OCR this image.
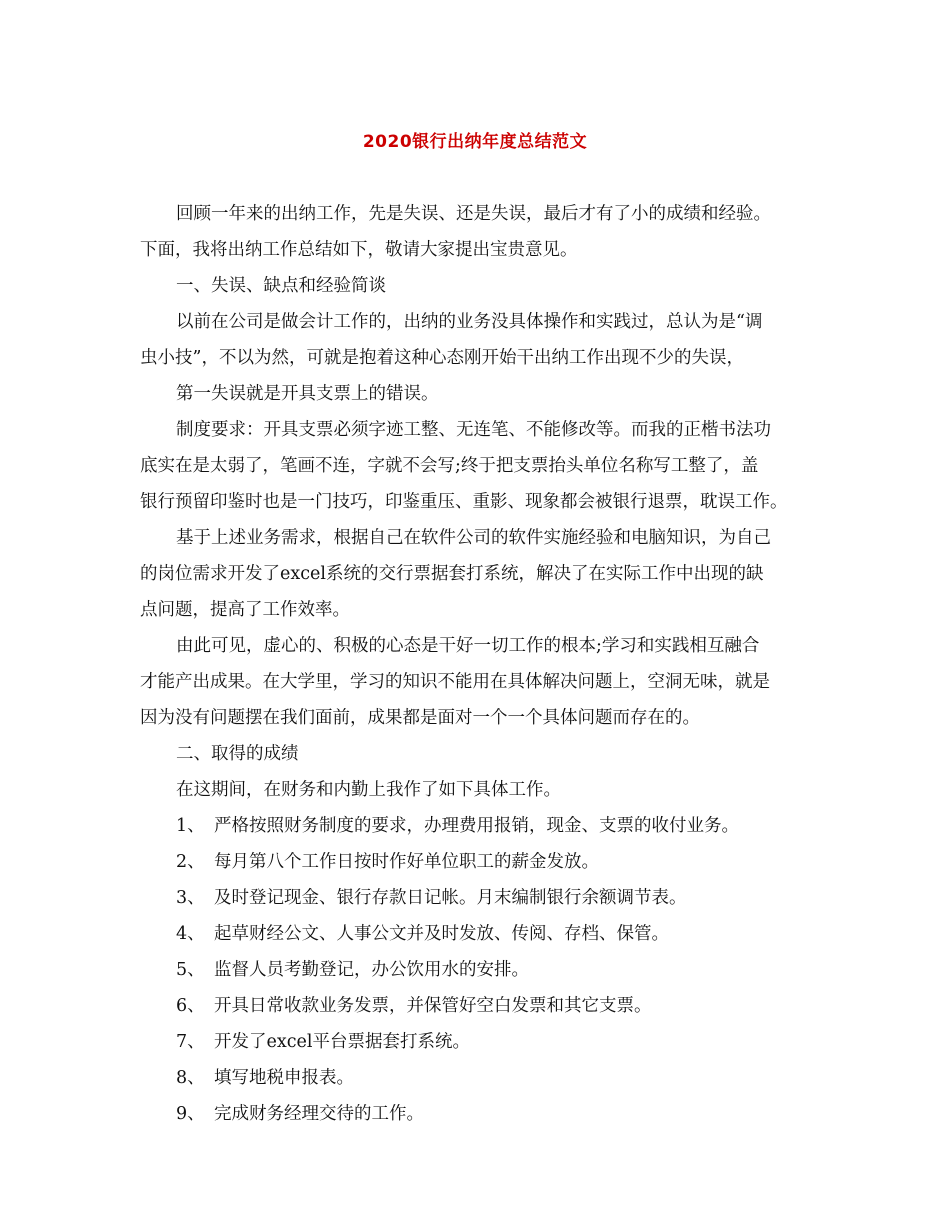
2020银行出纳年度总结范文
回顾一年来的出纳工作，先是失误、还是失误，最后才有了小的成绩和经验。
下面，我将出纳工作总结如下，敬请大家提出宝贵意见。
一、失误、缺点和经验简谈
以前在公司是做会计工作的，出纳的业务没具体操作和实践过，总认为是“调
虫小技”，不以为然，可就是抱着这种心态刚开始干出纳工作出现不少的失误，
第一失误就是开具支票上的错误。
制度要求：开具支票必须字迹工整、无连笔、不能修改等。而我的正楷书法功
底实在是太弱了，笔画不连，字就不会写;终于把支票抬头单位名称写工整了，盖
银行预留印鉴时也是一门技巧，印鉴重压、重影、现象都会被银行退票，耽误工作。
基于上述业务需求，根据自己在软件公司的软件实施经验和电脑知识，为自己
的岗位需求开发了excel系统的交行票据套打系统，解决了在实际工作中出现的缺
点问题，提高了工作效率。
由此可见，虚心的、积极的心态是干好一切工作的根本;学习和实践相互融合
才能产出成果。在大学里，学习的知识不能用在具体解决问题上，空洞无味，就是
因为没有问题摆在我们面前，成果都是面对一个一个具体问题而存在的。
二、取得的成绩
在这期间，在财务和内勤上我作了如下具体工作。
1、 严格按照财务制度的要求，办理费用报销，现金、支票的收付业务。
2、 每月第八个工作日按时作好单位职工的薪金发放。
3、 及时登记现金、银行存款日记帐。月末编制银行余额调节表。
4、 起草财经公文、人事公文并及时发放、传阅、存档、保管。
5、 监督人员考勤登记，办公饮用水的安排。
6、 开具日常收款业务发票，并保管好空白发票和其它支票。
7、 开发了excel平台票据套打系统。
8、 填写地税申报表。
9、 完成财务经理交待的工作。
